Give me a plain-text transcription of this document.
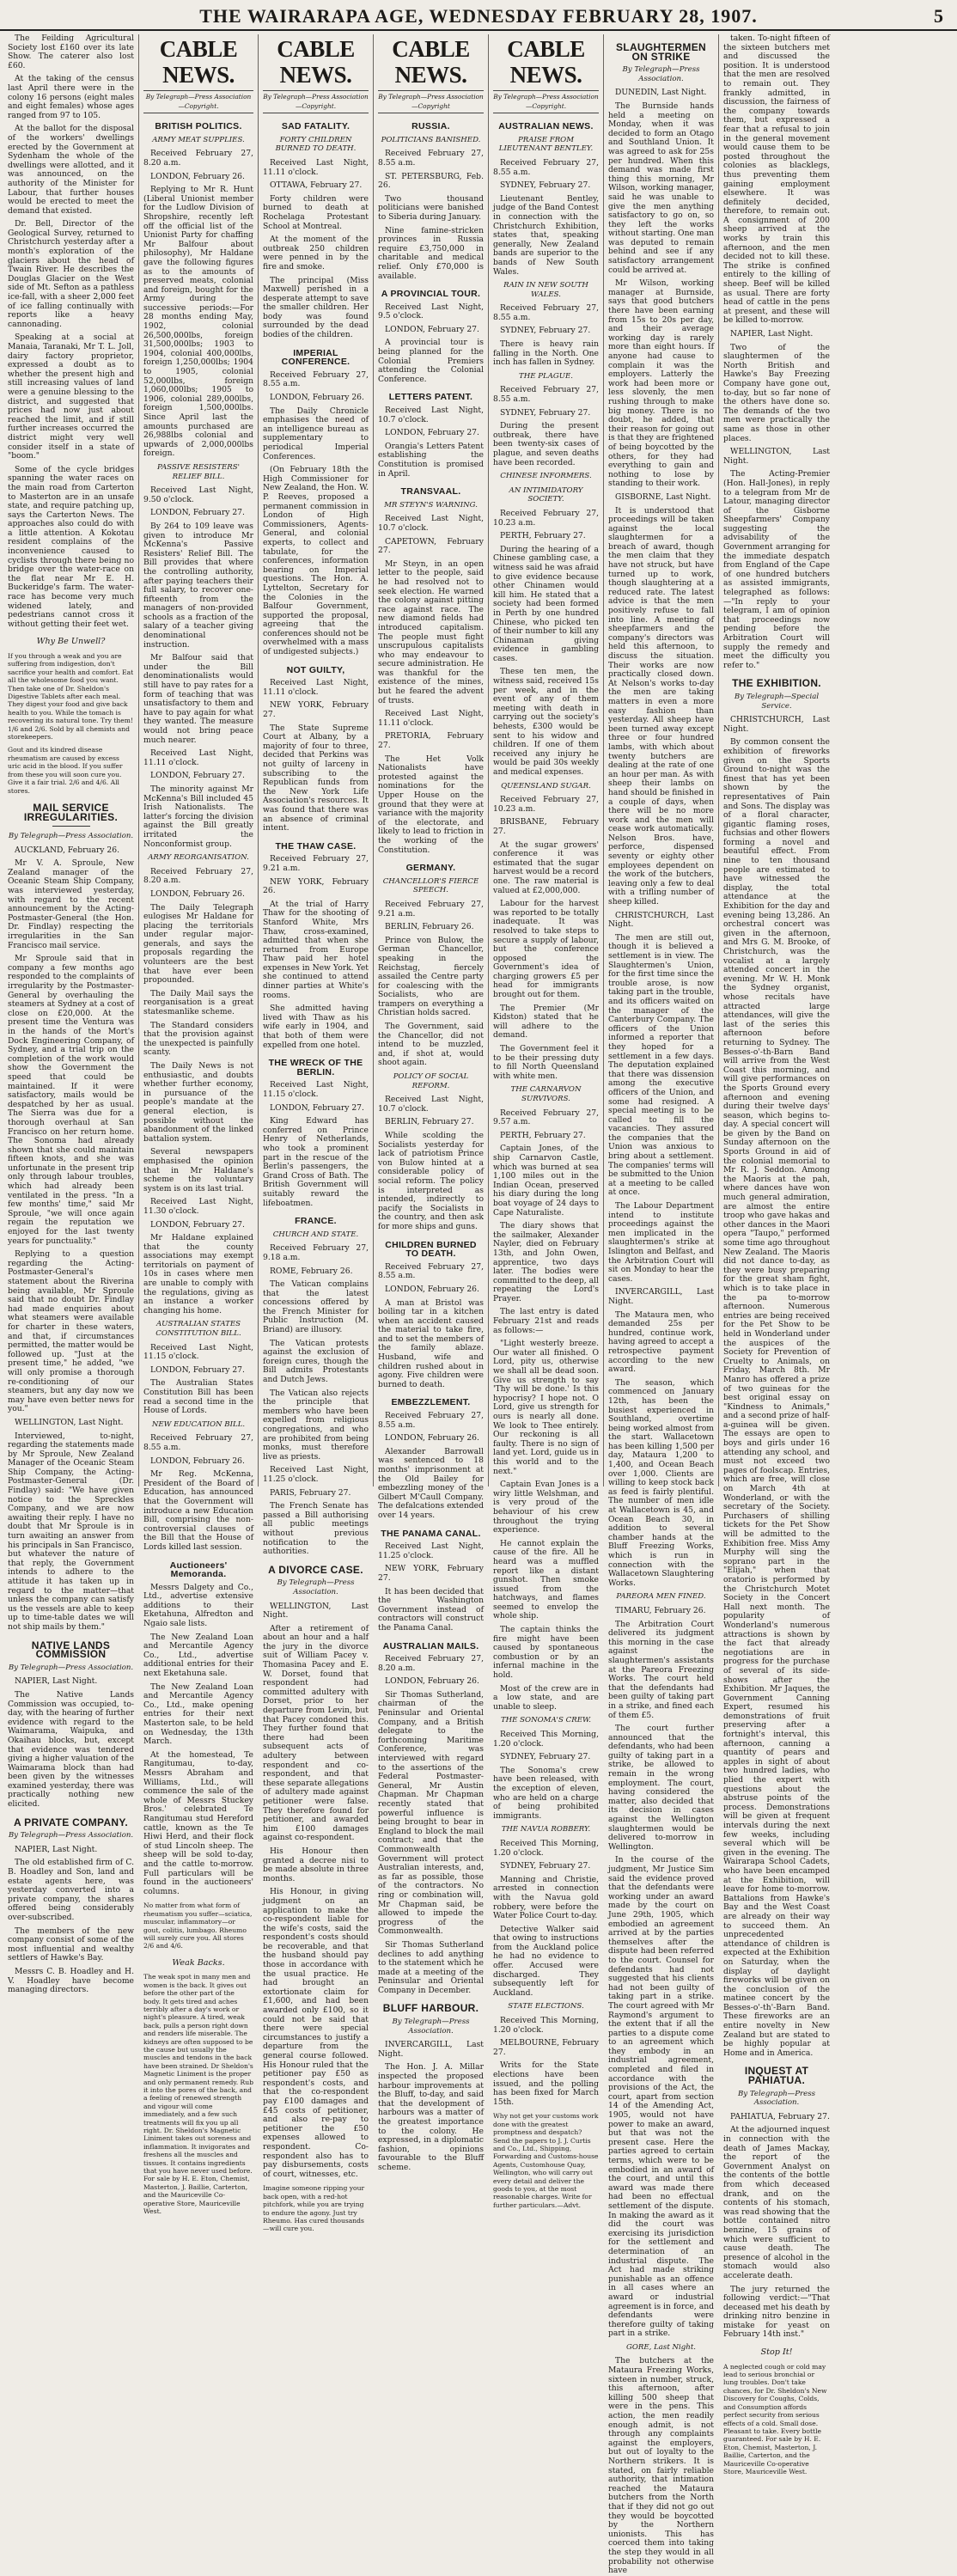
THE WAIRARAPA AGE, WEDNESDAY FEBRUARY 28, 1907.	5

The Feilding Agricultural Society lost £160 over its late Show. The caterer also lost £60.

At the taking of the census last April there were in the colony 16 persons (eight males and eight females) whose ages ranged from 97 to 105.

At the ballot for the disposal of the workers' dwellings erected by the Government at Sydenham the whole of the dwellings were allotted, and it was announced, on the authority of the Minister for Labour, that further houses would be erected to meet the demand that existed.

Dr. Bell, Director of the Geological Survey, returned to Christchurch yesterday after a month's exploration of the glaciers about the head of Twain River. He describes the Douglas Glacier on the West side of Mt. Sefton as a pathless ice-fall, with a sheer 2,000 feet of ice falling continually with reports like a heavy cannonading.

Speaking at a social at Manaia, Taranaki, Mr T. L. Joll, dairy factory proprietor, expressed a doubt as to whether the present high and still increasing values of land were a genuine blessing to the district, and suggested that prices had now just about reached the limit, and if still further increases occurred the district might very well consider itself in a state of "boom."

Some of the cycle bridges spanning the water races on the main road from Carterton to Masterton are in an unsafe state, and require patching up, says the Carterton News. The approaches also could do with a little attention. A Kokotau resident complains of the inconvenience caused to cyclists through there being no bridge over the water-race on the flat near Mr E. H. Buckeridge's farm. The water-race has become very much widened lately, and pedestrians cannot cross it without getting their feet wet.

Why Be Unwell?
If you through a weak and you are suffering from indigestion, don't sacrifice your health and comfort. Eat all the wholesome food you want. Then take one of Dr. Sheldon's Digestive Tablets after each meal. They digest your food and give back health to you. While the tomach is recovering its natural tone. Try them! 1/6 and 2/6. Sold by all chemists and storekeepers.
Gout and its kindred disease rheumatism are caused by excess uric acid in the blood. If you suffer from these you will soon cure you. Give it a fair trial. 2/6 and 4/6. All stores.
MAIL SERVICE IRREGULARITIES.
By Telegraph—Press Association.

AUCKLAND, February 26.

Mr V. A. Sproule, New Zealand manager of the Oceanic Steam Ship Company, was interviewed yesterday, with regard to the recent announcement by the Acting-Postmaster-General (the Hon. Dr. Findlay) respecting the irregularities in the San Francisco mail service.

Mr Sproule said that in company a few months ago responded to the complaints of irregularity by the Postmaster-General by overhauling the steamers at Sydney at a cost of close on £20,000. At the present time the Ventura was in the hands of the Mort's Dock Engineering Company, of Sydney, and a trial trip on the completion of the work would show the Government the speed that could be maintained. If it were satisfactory, mails would be despatched by her as usual. The Sierra was due for a thorough overhaul at San Francisco on her return home. The Sonoma had already shown that she could maintain fifteen knots, and she was unfortunate in the present trip only through labour troubles, which had already been ventilated in the press. "In a few months' time," said Mr Sproule, "we will once again regain the reputation we enjoyed for the last twenty years for punctuality."

Replying to a question regarding the Acting-Postmaster-General's statement about the Riverina being available, Mr Sproule said that no doubt Dr. Findlay had made enquiries about what steamers were available for charter in these waters, and that, if circumstances permitted, the matter would be followed up. "Just at the present time," he added, "we will only promise a thorough re-conditioning of our steamers, but any day now we may have even better news for you."

WELLINGTON, Last Night.

Interviewed, to-night, regarding the statements made by Mr Sproule, New Zealand Manager of the Oceanic Steam Ship Company, the Acting-Postmaster-General (Dr. Findlay) said: "We have given notice to the Spreckles Company, and we are now awaiting their reply. I have no doubt that Mr Sproule is in turn awaiting an answer from his principals in San Francisco, but whatever the nature of that reply, the Government intends to adhere to the attitude it has taken up in regard to the matter—that unless the company can satisfy us the vessels are able to keep up to time-table dates we will not ship mails by them."

NATIVE LANDS COMMISSION
By Telegraph—Press Association.

NAPIER, Last Night.

The Native Lands Commission was occupied, to-day, with the hearing of further evidence with regard to the Waimarama, Waipuka, and Okaihau blocks, but, except that evidence was tendered giving a higher valuation of the Waimarama block than had been given by the witnesses examined yesterday, there was practically nothing new elicited.

A PRIVATE COMPANY.
By Telegraph—Press Association.

NAPIER, Last Night.

The old established firm of C. B. Hoadley and Son, land and estate agents here, was yesterday converted into a private company, the shares offered being considerably over-subscribed.

The members of the new company consist of some of the most influential and wealthy settlers of Hawke's Bay.

Messrs C. B. Hoadley and H. V. Hoadley have become managing directors.

CABLE NEWS.
By Telegraph—Press Association—Copyright.
BRITISH POLITICS.
ARMY MEAT SUPPLIES.

Received February 27, 8.20 a.m.

LONDON, February 26.

Replying to Mr R. Hunt (Liberal Unionist member for the Ludlow Division of Shropshire, recently left off the official list of the Unionist Party for chaffing Mr Balfour about philosophy), Mr Haldane gave the following figures as to the amounts of preserved meats, colonial and foreign, bought for the Army during the successive periods:—For 28 months ending May, 1902, colonial 26,500,000lbs, foreign 31,500,000lbs; 1903 to 1904, colonial 400,000lbs, foreign 1,250,000lbs; 1904 to 1905, colonial 52,000lbs, foreign 1,060,000lbs; 1905 to 1906, colonial 289,000lbs, foreign 1,500,000lbs. Since April last the amounts purchased are 26,988lbs colonial and upwards of 2,000,000lbs foreign.

PASSIVE RESISTERS' RELIEF BILL.

Received Last Night, 9.50 o'clock.

LONDON, February 27.

By 264 to 109 leave was given to introduce Mr McKenna's Passive Resisters' Relief Bill. The Bill provides that where the controlling authority, after paying teachers their full salary, to recover one-fifteenth from the managers of non-provided schools as a fraction of the salary of a teacher giving denominational instruction.

Mr Balfour said that under the Bill denominationalists would still have to pay rates for a form of teaching that was unsatisfactory to them and have to pay again for what they wanted. The measure would not bring peace much nearer.

Received Last Night, 11.11 o'clock.

LONDON, February 27.

The minority against Mr McKenna's Bill included 45 Irish Nationalists. The latter's forcing the division against the Bill greatly irritated the Nonconformist group.

ARMY REORGANISATION.

Received February 27, 8.20 a.m.

LONDON, February 26.

The Daily Telegraph eulogises Mr Haldane for placing the territorials under regular major-generals, and says the proposals regarding the volunteers are the best that have ever been propounded.

The Daily Mail says the reorganisation is a great statesmanlike scheme.

The Standard considers that the provision against the unexpected is painfully scanty.

The Daily News is not enthusiastic, and doubts whether further economy, in pursuance of the people's mandate at the general election, is possible without the abandonment of the linked battalion system.

Several newspapers emphasised the opinion that in Mr Haldane's scheme the voluntary system is on its last trial.

Received Last Night, 11.30 o'clock.

LONDON, February 27.

Mr Haldane explained that the county associations may exempt territorials on payment of 10s in cases where men are unable to comply with the regulations, giving as an instance a worker changing his home.

AUSTRALIAN STATES CONSTITUTION BILL.

Received Last Night, 11.15 o'clock.

LONDON, February 27.

The Australian States Constitution Bill has been read a second time in the House of Lords.

NEW EDUCATION BILL.

Received February 27, 8.55 a.m.

LONDON, February 26.

Mr Reg. McKenna, President of the Board of Education, has announced that the Government will introduce a new Education Bill, comprising the non-controversial clauses of the Bill that the House of Lords killed last session.

Auctioneers' Memoranda.

Messrs Dalgety and Co., Ltd., advertise extensive additions to their Eketahuna, Alfredton and Ngaio sale lists.

The New Zealand Loan and Mercantile Agency Co., Ltd., advertise additional entries for their next Eketahuna sale.

The New Zealand Loan and Mercantile Agency Co., Ltd., make opening entries for their next Masterton sale, to be held on Wednesday, the 13th March.

At the homestead, Te Rangitumau, to-day, Messrs Abraham and Williams, Ltd., will commence the sale of the whole of Messrs Stuckey Bros.' celebrated Te Rangitumau stud Hereford cattle, known as the Te Hiwi Herd, and their flock of stud Lincoln sheep. The sheep will be sold to-day, and the cattle to-morrow. Full particulars will be found in the auctioneers' columns.

No matter from what form of rheumatism you suffer—sciatica, muscular, inflammatory—or gout, colitis, lumbago. Rheumo will surely cure you. All stores 2/6 and 4/6.
Weak Backs.
The weak spot in many men and women is the back. It gives out before the other part of the body. It gets tired and aches terribly after a day's work or night's pleasure. A tired, weak back, pulls a person right down and renders life miserable. The kidneys are often supposed to be the cause but usually the muscles and tendons in the back have been strained. Dr Sheldon's Magnetic Liniment is the proper and only permanent remedy. Rub it into the pores of the back, and a feeling of renewed strength and vigour will come immediately, and a few such treatments will fix you up all right. Dr. Sheldon's Magnetic Liniment takes out soreness and inflammation. It invigorates and freshens all the muscles and tissues. It contains ingredients that you have never used before. For sale by H. E. Eton, Chemist, Masterton, J. Baillie, Carterton, and the Mauriceville Co-operative Store, Mauriceville West.
CABLE NEWS.
By Telegraph—Press Association—Copyright.
SAD FATALITY.
FORTY CHILDREN BURNED TO DEATH.

Received Last Night, 11.11 o'clock.

OTTAWA, February 27.

Forty children were burned to death at Rochelaga Protestant School at Montreal.

At the moment of the outbreak 250 children were penned in by the fire and smoke.

The principal (Miss Maxwell) perished in a desperate attempt to save the smaller children. Her body was found surrounded by the dead bodies of the children.

IMPERIAL CONFERENCE.

Received February 27, 8.55 a.m.

LONDON, February 26.

The Daily Chronicle emphasises the need of an intelligence bureau as supplementary to periodical Imperial Conferences.

(On February 18th the High Commissioner for New Zealand, the Hon. W. P. Reeves, proposed a permanent commission in London of High Commissioners, Agents-General, and colonial experts, to collect and tabulate, for the conferences, information bearing on Imperial questions. The Hon. A. Lyttelton, Secretary for the Colonies in the Balfour Government, supported the proposal, agreeing that the conferences should not be overwhelmed with a mass of undigested subjects.)

NOT GUILTY,

Received Last Night, 11.11 o'clock.

NEW YORK, February 27.

The State Supreme Court at Albany, by a majority of four to three, decided that Perkins was not guilty of larceny in subscribing to the Republican funds from the New York Life Association's resources. It was found that there was an absence of criminal intent.

THE THAW CASE.

Received February 27, 9.21 a.m.

NEW YORK, February 26.

At the trial of Harry Thaw for the shooting of Stanford White, Mrs Thaw, cross-examined, admitted that when she returned from Europe Thaw paid her hotel expenses in New York. Yet she continued to attend dinner parties at White's rooms.

She admitted having lived with Thaw as his wife early in 1904, and that both of them were expelled from one hotel.

THE WRECK OF THE BERLIN.

Received Last Night, 11.15 o'clock.

LONDON, February 27.

King Edward has conferred on Prince Henry of Netherlands, who took a prominent part in the rescue of the Berlin's passengers, the Grand Cross of Bath. The British Government will suitably reward the lifeboatmen.

FRANCE.
CHURCH AND STATE.

Received February 27, 9.18 a.m.

ROME, February 26.

The Vatican complains that the latest concessions offered by the French Minister for Public Instruction (M. Briand) are illusory.

The Vatican protests against the exclusion of foreign cures, though the Bill admits Protestants and Dutch Jews.

The Vatican also rejects the principle that members who have been expelled from religious congregations, and who are prohibited from being monks, must therefore live as priests.

Received Last Night, 11.25 o'clock.

PARIS, February 27.

The French Senate has passed a Bill authorising all public meetings without previous notification to the authorities.

A DIVORCE CASE.
By Telegraph—Press Association.

WELLINGTON, Last Night.

After a retirement of about an hour and a half the jury in the divorce suit of William Pacey v. Thomasina Pacey and E. W. Dorset, found that respondent had committed adultery with Dorset, prior to her departure from Levin, but that Pacey condoned this. They further found that there had been subsequent acts of adultery between respondent and co-respondent, and that these separate allegations of adultery made against petitioner were false. They therefore found for petitioner, and awarded him £100 damages against co-respondent.

His Honour then granted a decree nisi to be made absolute in three months.

His Honour, in giving judgment on an application to make the co-respondent liable for the wife's costs, said the respondent's costs should be recoverable, and that the husband should pay those in accordance with the usual practice. He had brought an extortionate claim for £1,600, and had been awarded only £100, so it could not be said that there were special circumstances to justify a departure from the general course followed. His Honour ruled that the petitioner pay £50 as respondent's costs, and that the co-respondent pay £100 damages and £45 costs of petitioner, and also re-pay to petitioner the £50 expenses allowed to respondent. Co-respondent also has to pay disbursements, costs of court, witnesses, etc.

Imagine someone ripping your back open, with a red-hot pitchfork, while you are trying to endure the agony. Just try Rheumo. Has cured thousands—will cure you.
CABLE NEWS.
By Telegraph—Press Association—Copyright
RUSSIA.
POLITICIANS BANISHED.

Received February 27, 8.55 a.m.

ST. PETERSBURG, Feb. 26.

Two thousand politicians were banished to Siberia during January.

Nine famine-stricken provinces in Russia require £3,750,000 in charitable and medical relief. Only £70,000 is available.

A PROVINCIAL TOUR.

Received Last Night, 9.5 o'clock.

LONDON, February 27.

A provincial tour is being planned for the Colonial Premiers attending the Colonial Conference.

LETTERS PATENT.

Received Last Night, 10.7 o'clock.

LONDON, February 27.

Orangia's Letters Patent establishing the Constitution is promised in April.

TRANSVAAL.
MR STEYN'S WARNING.

Received Last Night, 10.7 o'clock.

CAPETOWN, February 27.

Mr Steyn, in an open letter to the people, said he had resolved not to seek election. He warned the colony against pitting race against race. The new diamond fields had introduced capitalism. The people must fight unscrupulous capitalists who may endeavour to secure administration. He was thankful for the existence of the mines, but he feared the advent of trusts.

Received Last Night, 11.11 o'clock.

PRETORIA, February 27.

The Het Volk Nationalists have protested against the nominations for the Upper House on the ground that they were at variance with the majority of the electorate, and likely to lead to friction in the working of the Constitution.

GERMANY.
CHANCELLOR'S FIERCE SPEECH.

Received February 27, 9.21 a.m.

BERLIN, February 26.

Prince von Bulow, the German Chancellor, speaking in the Reichstag, fiercely assailed the Centre party for coalescing with the Socialists, who are trampers on everything a Christian holds sacred.

The Government, said the Chancellor, did not intend to be muzzled, and, if shot at, would shoot again.

POLICY OF SOCIAL REFORM.

Received Last Night, 10.7 o'clock.

BERLIN, February 27.

While scolding the Socialists yesterday for lack of patriotism Prince von Bulow hinted at a considerable policy of social reform. The policy is interpreted as intended, indirectly to pacify the Socialists in the country, and then ask for more ships and guns.

CHILDREN BURNED TO DEATH.

Received February 27, 8.55 a.m.

LONDON, February 26.

A man at Bristol was boiling tar in a kitchen when an accident caused the material to take fire, and to set the members of the family ablaze. Husband, wife and children rushed about in agony. Five children were burned to death.

EMBEZZLEMENT.

Received February 27, 8.55 a.m.

LONDON, February 26.

Alexander Barrowall was sentenced to 18 months' imprisonment at the Old Bailey for embezzling money of the Gilbert M'Caull Company. The defalcations extended over 14 years.

THE PANAMA CANAL.

Received Last Night, 11.25 o'clock.

NEW YORK, February 27.

It has been decided that the Washington Government instead of contractors will construct the Panama Canal.

AUSTRALIAN MAILS.

Received February 27, 8.20 a.m.

LONDON, February 26.

Sir Thomas Sutherland, chairman of the Peninsular and Oriental Company, and a British delegate to the forthcoming Maritime Conference, was interviewed with regard to the assertions of the Federal Postmaster-General, Mr Austin Chapman. Mr Chapman recently stated that powerful influence is being brought to bear in England to block the mail contract; and that the Commonwealth Government will protect Australian interests, and, as far as possible, those of the contractors. No ring or combination will, Mr Chapman said, be allowed to impede the progress of the Commonwealth.

Sir Thomas Sutherland declines to add anything to the statement which he made at a meeting of the Peninsular and Oriental Company in December.

BLUFF HARBOUR.
By Telegraph—Press Association.

INVERCARGILL, Last Night.

The Hon. J. A. Millar inspected the proposed harbour improvements at the Bluff, to-day, and said that the development of harbours was a matter of the greatest importance to the colony. He expressed, in a diplomatic fashion, opinions favourable to the Bluff scheme.

CABLE NEWS.
By Telegraph—Press Association—Copyright.
AUSTRALIAN NEWS.
PRAISE FROM LIEUTENANT BENTLEY.

Received February 27, 8.55 a.m.

SYDNEY, February 27.

Lieutenant Bentley, judge of the Band Contest in connection with the Christchurch Exhibition, states that, speaking generally, New Zealand bands are superior to the bands of New South Wales.

RAIN IN NEW SOUTH WALES.

Received February 27, 8.55 a.m.

SYDNEY, February 27.

There is heavy rain falling in the North. One inch has fallen in Sydney.

THE PLAGUE.

Received February 27, 8.55 a.m.

SYDNEY, February 27.

During the present outbreak, there have been twenty-six cases of plague, and seven deaths have been recorded.

CHINESE INFORMERS.
AN INTIMIDATORY SOCIETY.

Received February 27, 10.23 a.m.

PERTH, February 27.

During the hearing of a Chinese gambling case, a witness said he was afraid to give evidence because other Chinamen would kill him. He stated that a society had been formed in Perth by one hundred Chinese, who picked ten of their number to kill any Chinaman giving evidence in gambling cases.

These ten men, the witness said, received 15s per week, and in the event of any of them meeting with death in carrying out the society's behests, £300 would be sent to his widow and children. If one of them received any injury he would be paid 30s weekly and medical expenses.

QUEENSLAND SUGAR.

Received February 27, 10.23 a.m.

BRISBANE, February 27.

At the sugar growers' conference it was estimated that the sugar harvest would be a record one. The raw material is valued at £2,000,000.

Labour for the harvest was reported to be totally inadequate. It was resolved to take steps to secure a supply of labour, but the conference opposed the Government's idea of charging growers £5 per head for immigrants brought out for them.

The Premier (Mr Kidston) stated that he will adhere to the demand.

The Government feel it to be their pressing duty to fill North Queensland with white men.

THE CARNARVON SURVIVORS.

Received February 27, 9.57 a.m.

PERTH, February 27.

Captain Jones, of the ship Carnarvon Castle, which was burned at sea 1,100 miles out in the Indian Ocean, preserved his diary during the long boat voyage of 24 days to Cape Naturaliste.

The diary shows that the sailmaker, Alexander Nayler, died on February 13th, and John Owen, apprentice, two days later. The bodies were committed to the deep, all repeating the Lord's Prayer.

The last entry is dated February 21st and reads as follows:—

"Light westerly breeze. Our water all finished. O Lord, pity us, otherwise we shall all be dead soon. Give us strength to say 'Thy will be done.' Is this hypocrisy? I hope not. O Lord, give us strength for ours is nearly all done. We look to Thee entirely. Our reckoning is all faulty. There is no sign of land yet. Lord, guide us in this world and to the next."

Captain Evan Jones is a wiry little Welshman, and is very proud of the behaviour of his crew throughout the trying experience.

He cannot explain the cause of the fire. All he heard was a muffled report like a distant gunshot. Then smoke issued from the hatchways, and flames seemed to envelop the whole ship.

The captain thinks the fire might have been caused by spontaneous combustion or by an infernal machine in the hold.

Most of the crew are in a low state, and are unable to sleep.

THE SONOMA'S CREW.

Received This Morning, 1.20 o'clock.

SYDNEY, February 27.

The Sonoma's crew have been released, with the exception of eleven, who are held on a charge of being prohibited immigrants.

THE NAVUA ROBBERY.

Received This Morning, 1.20 o'clock.

SYDNEY, February 27.

Manning and Christie, arrested in connection with the Navua gold robbery, were before the Water Police Court to-day.

Detective Walker said that owing to instructions from the Auckland police he had no evidence to offer. Accused were discharged. They subsequently left for Auckland.

STATE ELECTIONS.

Received This Morning, 1.20 o'clock.

MELBOURNE, February 27.

Writs for the State elections have been issued, and the polling has been fixed for March 15th.

Why not get your customs work done with the greatest promptness and despatch? Send the papers to J. J. Curtis and Co., Ltd., Shipping, Forwarding and Customs-house Agents, Customhouse Quay, Wellington, who will carry out every detail and deliver the goods to you, at the most reasonable charges. Write for further particulars.—Advt.
SLAUGHTERMEN ON STRIKE
By Telegraph—Press Association.

DUNEDIN, Last Night.

The Burnside hands held a meeting on Monday, when it was decided to form an Otago and Southland Union. It was agreed to ask for 25s per hundred. When this demand was made first thing this morning, Mr Wilson, working manager, said he was unable to give the men anything satisfactory to go on, so they left the works without starting. One man was deputed to remain behind and see if any satisfactory arrangement could be arrived at.

Mr Wilson, working manager at Burnside, says that good butchers there have been earning from 15s to 20s per day, and their average working day is rarely more than eight hours. If anyone had cause to complain it was the employers. Latterly the work had been more or less slovenly, the men rushing through to make big money. There is no doubt, he added, that their reason for going out is that they are frightened of being boycotted by the others, for they had everything to gain and nothing to lose by standing to their work.

GISBORNE, Last Night.

It is understood that proceedings will be taken against the local slaughtermen for a breach of award, though the men claim that they have not struck, but have turned up to work, though slaughtering at a reduced rate. The latest advice is that the men positively refuse to fall into line. A meeting of sheepfarmers and the company's directors was held this afternoon, to discuss the situation. Their works are now practically closed down. At Nelson's works to-day the men are taking matters in even a more easy fashion than yesterday. All sheep have been turned away except three or four hundred lambs, with which about twenty butchers are dealing at the rate of one an hour per man. As with sheep their lambs on hand should be finished in a couple of days, when there will be no more work and the men will cease work automatically. Nelson Bros. have, perforce, dispensed seventy or eighty other employees dependent on the work of the butchers, leaving only a few to deal with a trifling number of sheep killed.

CHRISTCHURCH, Last Night.

The men are still out, though it is believed a settlement is in view. The Slaughtermen's Union, for the first time since the trouble arose, is now taking part in the trouble, and its officers waited on the manager of the Canterbury Company. The officers of the Union informed a reporter that they hoped for a settlement in a few days. The deputation explained that there was dissension among the executive officers of the Union, and some had resigned. A special meeting is to be called to fill the vacancies. They assured the companies that the Union was anxious to bring about a settlement. The companies' terms will be submitted to the Union at a meeting to be called at once.

The Labour Department intend to institute proceedings against the men implicated in the slaughtermen's strike at Islington and Belfast, and the Arbitration Court will sit on Monday to hear the cases.

INVERCARGILL, Last Night.

The Mataura men, who demanded 25s per hundred, continue work, having agreed to accept a retrospective payment according to the new award.

The season, which commenced on January 12th, has been the busiest experienced in Southland, overtime being worked almost from the start. Wallacetown has been killing 1,500 per day, Mataura 1,200 to 1,400, and Ocean Beach over 1,000. Clients are willing to keep stock back as feed is fairly plentiful. The number of men idle at Wallacetown is 45, and Ocean Beach 30, in addition to several chamber hands at the Bluff Freezing Works, which is run in connection with the Wallacetown Slaughtering Works.

PAREORA MEN FINED.

TIMARU, February 26.

The Arbitration Court delivered its judgment this morning in the case against the slaughtermen's assistants at the Pareora Freezing Works. The court held that the defendants had been guilty of taking part in a strike, and fined each of them £5.

The court further announced that the defendants, who had been guilty of taking part in a strike, be allowed to remain in the wrong employment. The court, having considered the matter, also decided that its decision in cases against the Wellington slaughtermen would be delivered to-morrow in Wellington.

In the course of the judgment, Mr Justice Sim said the evidence proved that the defendants were working under an award made by the court on June 29th, 1905, which embodied an agreement arrived at by the parties themselves after the dispute had been referred to the court. Counsel for defendants had not suggested that his clients had not been guilty of taking part in a strike. The court agreed with Mr Raymond's argument to the extent that if all the parties to a dispute come to an agreement which they embody in an industrial agreement, completed and filed in accordance with the provisions of the Act, the court, apart from section 14 of the Amending Act, 1905, would not have power to make an award, but that was not the present case. Here the parties agreed to certain terms, which were to be embodied in an award of the court, and until this award was made there had been no effectual settlement of the dispute. In making the award as it did the court was exercising its jurisdiction for the settlement and determination of an industrial dispute. The Act had made striking punishable as an offence in all cases where an award or industrial agreement is in force, and defendants were therefore guilty of taking part in a strike.

GORE, Last Night.

The butchers at the Mataura Freezing Works, sixteen in number, struck, this afternoon, after killing 500 sheep that were in the pens. This action, the men readily enough admit, is not through any complaints against the employers, but out of loyalty to the Northern strikers. It is stated, on fairly reliable authority, that intimation reached the Mataura butchers from the North that if they did not go out they would be boycotted by the Northern unionists. This has coerced them into taking the step they would in all probability not otherwise have

taken. To-night fifteen of the sixteen butchers met and discussed the position. It is understood that the men are resolved to remain out. They frankly admitted, in discussion, the fairness of the company towards them, but expressed a fear that a refusal to join in the general movement would cause them to be posted throughout the colonies as blacklegs, thus preventing them gaining employment elsewhere. It was definitely decided, therefore, to remain out. A consignment of 200 sheep arrived at the works by train this afternoon, and the men decided not to kill these. The strike is confined entirely to the killing of sheep. Beef will be killed as usual. There are forty head of cattle in the pens at present, and these will be killed to-morrow.

NAPIER, Last Night.

Two of the slaughtermen of the North British and Hawke's Bay Freezing Company have gone out, to-day, but so far none of the others have done so. The demands of the two men were practically the same as those in other places.

WELLINGTON, Last Night.

The Acting-Premier (Hon. Hall-Jones), in reply to a telegram from Mr de Latour, managing director of the Gisborne Sheepfarmers' Company suggesting the advisability of the Government arranging for the immediate despatch from England of the Cape of one hundred butchers as assisted immigrants, telegraphed as follows:—"In reply to your telegram, I am of opinion that proceedings now pending before the Arbitration Court will supply the remedy and meet the difficulty you refer to."

THE EXHIBITION.
By Telegraph—Special Service.

CHRISTCHURCH, Last Night.

By common consent the exhibition of fireworks given on the Sports Ground to-night was the finest that has yet been shown by the representatives of Pain and Sons. The display was of a floral character, gigantic flaming roses, fuchsias and other flowers forming a novel and beautiful effect. From nine to ten thousand people are estimated to have witnessed the display, the total attendance at the Exhibition for the day and evening being 13,286. An orchestral concert was given in the afternoon, and Mrs G. M. Brooke, of Christchurch, was the vocalist at a largely attended concert in the evening. Mr W. H. Monk the Sydney organist, whose recitals have attracted large attendances, will give the last of the series this afternoon before returning to Sydney. The Besses-o'-th-Barn Band will arrive from the West Coast this morning, and will give performances on the Sports Ground every afternoon and evening during their twelve days' season, which begins to-day. A special concert will be given by the Band on Sunday afternoon on the Sports Ground in aid of the colonial memorial to Mr R. J. Seddon. Among the Maoris at the pah, where dances have won much general admiration, are almost the entire troop who gave hakas and other dances in the Maori opera "Taupo," performed some time ago throughout New Zealand. The Maoris did not dance to-day, as they were busy preparing for the great sham fight, which is to take place in the pa to-morrow afternoon. Numerous entries are being received for the Pet Show to be held in Wonderland under the auspices of the Society for Prevention of Cruelty to Animals, on Friday, March 8th. Mr Manro has offered a prize of two guineas for the best original essay on "Kindness to Animals," and a second prize of half-a-guinea will be given. The essays are open to boys and girls under 16 attending any school, and must not exceed two pages of foolscap. Entries, which are free, will close on March 4th at Wonderland, or with the secretary of the Society. Purchasers of shilling tickets for the Pet Show will be admitted to the Exhibition free. Miss Amy Murphy will sing the soprano part in the "Elijah," when that oratorio is performed by the Christchurch Motet Society in the Concert Hall next month. The popularity of Wonderland's numerous attractions is shown by the fact that already negotiations are in progress for the purchase of several of its side-shows after the Exhibition. Mr Jaques, the Government Canning Expert, resumed his demonstrations of fruit preserving after a fortnight's interval, this afternoon, canning a quantity of pears and apples in sight of about two hundred ladies, who plied the expert with questions about the abstruse points of the process. Demonstrations will be given at frequent intervals during the next few weeks, including several which will be given in the evening. The Wairarapa School Cadets, who have been encamped at the Exhibition, will leave for home to-morrow. Battalions from Hawke's Bay and the West Coast are already on their way to succeed them. An unprecedented attendance of children is expected at the Exhibition on Saturday, when the display of daylight fireworks will be given on the conclusion of the matinee concert by the Besses-o'-th'-Barn Band. These fireworks are an entire novelty in New Zealand but are stated to be highly popular at Home and in America.

INQUEST AT PAHIATUA.
By Telegraph—Press Association.

PAHIATUA, February 27.

At the adjourned inquest in connection with the death of James Mackay, the report of the Government Analyst on the contents of the bottle from which deceased drank, and on the contents of his stomach, was read showing that the bottle contained nitro benzine, 15 grains of which were sufficient to cause death. The presence of alcohol in the stomach would also accelerate death.

The jury returned the following verdict:—"That deceased met his death by drinking nitro benzine in mistake for yeast on February 14th inst."

Stop It!
A neglected cough or cold may lead to serious bronchial or lung troubles. Don't take chances, for Dr. Sheldon's New Discovery for Coughs, Colds, and Consumption affords perfect security from serious effects of a cold. Small dose. Pleasant to take. Every bottle guaranteed. For sale by H. E. Eton, Chemist, Masterton, J. Baillie, Carterton, and the Mauriceville Co-operative Store, Mauriceville West.
